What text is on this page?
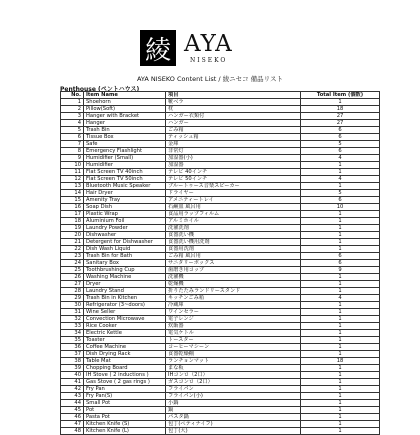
綾 AYA
NISEKO
AYA NISEKO Content List / 綾ニセコ 備品リスト
Penthouse (ペントハウス)
No.	Item Name	項目	Total Item (個数)
1	Shoehorn	靴べラ	1
2	Pillow(Soft)	枕	18
3	Hanger with Bracket	ハンガー衣類付	27
4	Hanger	ハンガー	27
5	Trash Bin	ごみ箱	6
6	Tissue Box	ティッシュ箱	6
7	Safe	金庫	5
8	Emergency Flashlight	非常灯	6
9	Humidifier (Small)	加湿器(小)	4
10	Humidifier	加湿器	1
11	Flat Screen TV 40inch	テレビ 40インチ	1
12	Flat Screen TV 50inch	テレビ 50インチ	4
13	Bluetooth Music Speaker	ブルートゥース音楽スピーカー	1
14	Hair Dryer	ドライヤー	5
15	Amenity Tray	アメニティートレイ	6
16	Soap Dish	石鹸皿 風呂用	10
17	Plastic Wrap	食品用ラップフィルム	1
18	Aluminium Foil	アルミホイル	1
19	Laundry Powder	洗濯洗剤	1
20	Dishwasher	食器洗い機	1
21	Detergent for Dishwasher	食器洗い機用洗剤	1
22	Dish Wash Liquid	食器用洗剤	1
23	Trash Bin for Bath	ごみ箱 風呂用	6
24	Sanitary Box	サニタリーボックス	6
25	Toothbrushing Cup	歯磨き用コップ	9
26	Washing Machine	洗濯機	1
27	Dryer	乾燥機	1
28	Laundry Stand	折りたたみランドリースタンド	1
29	Trash Bin in Kitchen	キッチンごみ箱	4
30	Refrigerator (3~doors)	冷蔵庫	1
31	Wine Seller	ワインセラー	1
32	Convection Microwave	電子レンジ	1
33	Rice Cooker	炊飯器	1
34	Electric Kettle	電気ケトル	1
35	Toaster	トースター	1
36	Coffee Machine	コーヒーマシーン	1
37	Dish Drying Rack	食器乾燥棚	1
38	Table Mat	ランチョンマット	18
39	Chopping Board	まな板	1
40	IH Stove ( 2 inductions )	IHコンロ（2口）	1
41	Gas Stove ( 2 gas rings )	ガスコンロ（2口）	1
42	Fry Pan	フライパン	1
43	Fry Pan(S)	フライパン(小)	1
44	Small Pot	小鍋	1
45	Pot	鍋	1
46	Pasta Pot	パスタ鍋	1
47	Kitchen Knife (S)	包丁(ペティナイフ)	1
48	Kitchen Knife (L)	包丁(大)	1
